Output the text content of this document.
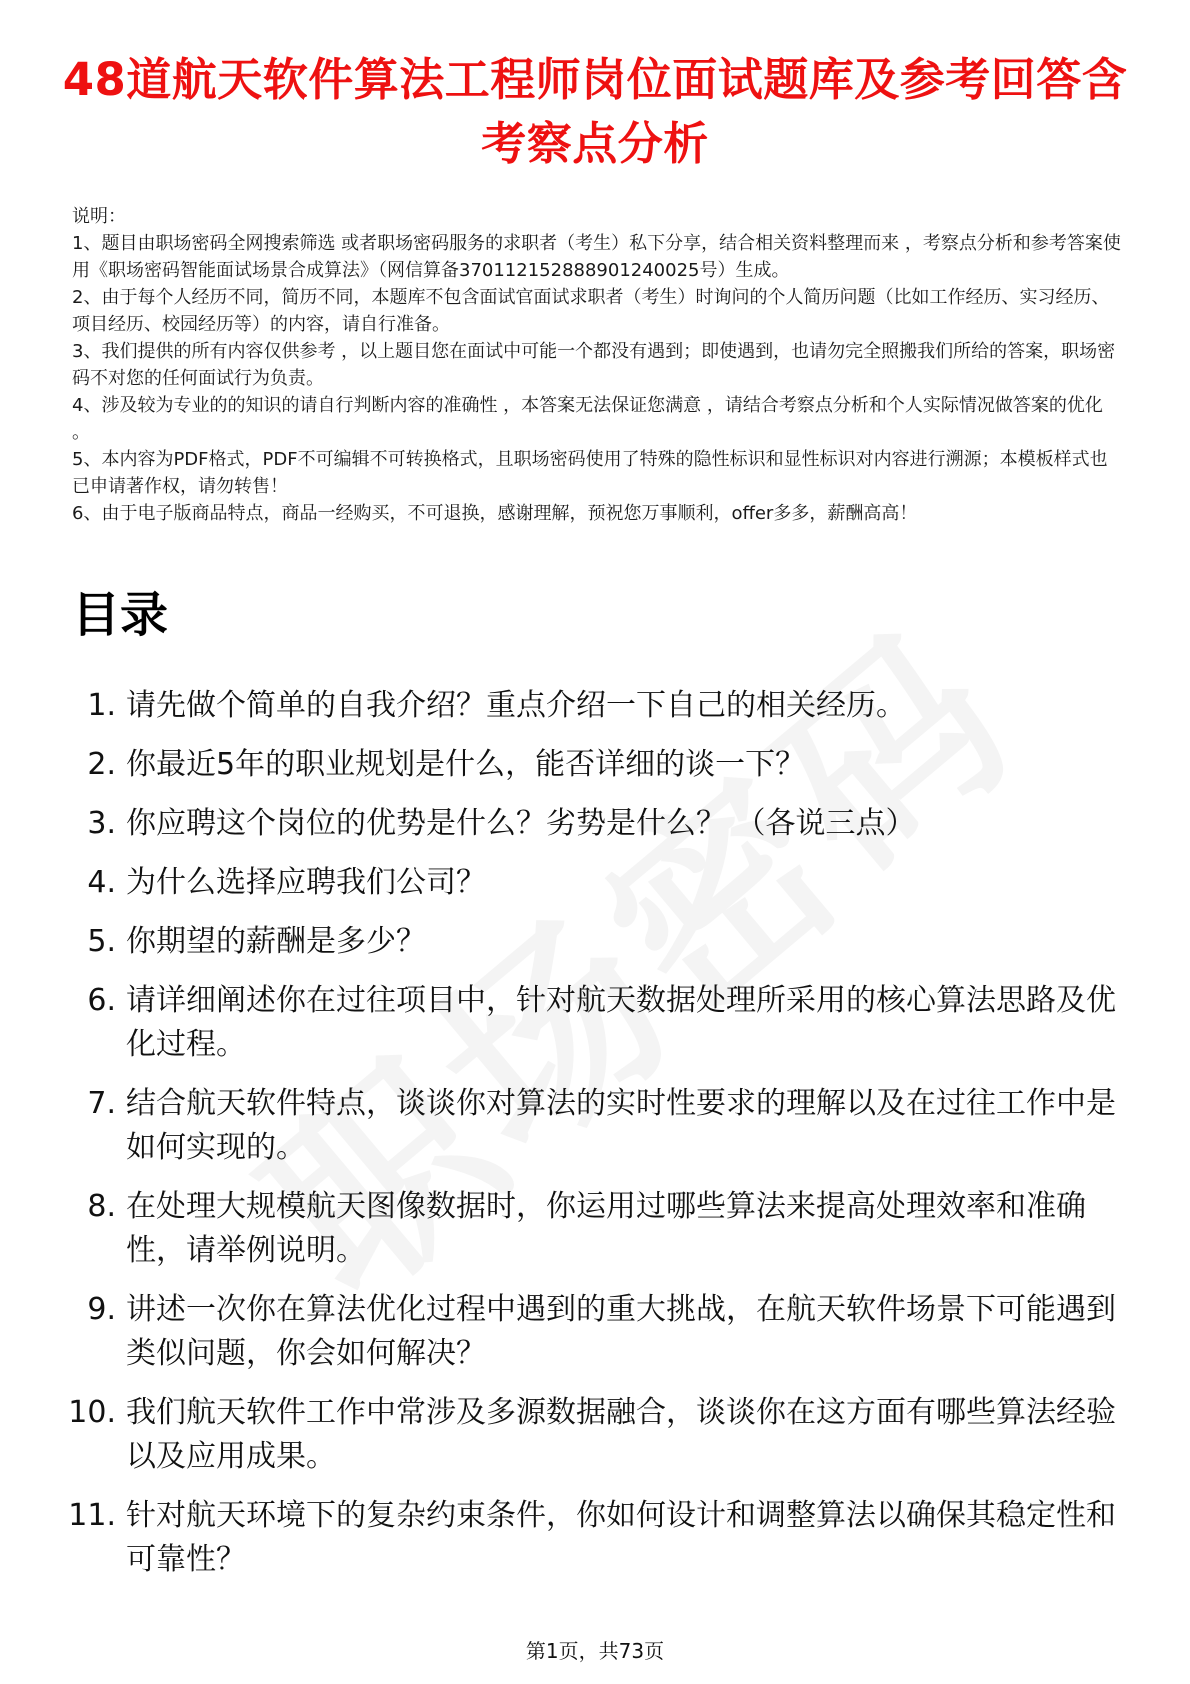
48道航天软件算法工程师岗位面试题库及参考回答含考察点分析

说明：

1、题目由职场密码全网搜索筛选 或者职场密码服务的求职者（考生）私下分享，结合相关资料整理而来 ，考察点分析和参考答案使用《职场密码智能面试场景合成算法》（网信算备370112152888901240025号）生成。

2、由于每个人经历不同，简历不同，本题库不包含面试官面试求职者（考生）时询问的个人简历问题（比如工作经历、实习经历、项目经历、校园经历等）的内容，请自行准备。

3、我们提供的所有内容仅供参考 ，以上题目您在面试中可能一个都没有遇到；即使遇到，也请勿完全照搬我们所给的答案，职场密码不对您的任何面试行为负责。

4、涉及较为专业的的知识的请自行判断内容的准确性 ，本答案无法保证您满意 ，请结合考察点分析和个人实际情况做答案的优化 。

5、本内容为PDF格式，PDF不可编辑不可转换格式，且职场密码使用了特殊的隐性标识和显性标识对内容进行溯源；本模板样式也已申请著作权，请勿转售！

6、由于电子版商品特点，商品一经购买，不可退换，感谢理解，预祝您万事顺利，offer多多，薪酬高高！

目录
1. 请先做个简单的自我介绍？重点介绍一下自己的相关经历。
2. 你最近5年的职业规划是什么，能否详细的谈一下？
3. 你应聘这个岗位的优势是什么？劣势是什么？ （各说三点）
4. 为什么选择应聘我们公司？
5. 你期望的薪酬是多少？
6. 请详细阐述你在过往项目中，针对航天数据处理所采用的核心算法思路及优化过程。
7. 结合航天软件特点，谈谈你对算法的实时性要求的理解以及在过往工作中是如何实现的。
8. 在处理大规模航天图像数据时，你运用过哪些算法来提高处理效率和准确性，请举例说明。
9. 讲述一次你在算法优化过程中遇到的重大挑战，在航天软件场景下可能遇到类似问题，你会如何解决？
10. 我们航天软件工作中常涉及多源数据融合，谈谈你在这方面有哪些算法经验以及应用成果。
11. 针对航天环境下的复杂约束条件，你如何设计和调整算法以确保其稳定性和可靠性？
第1页，共73页
